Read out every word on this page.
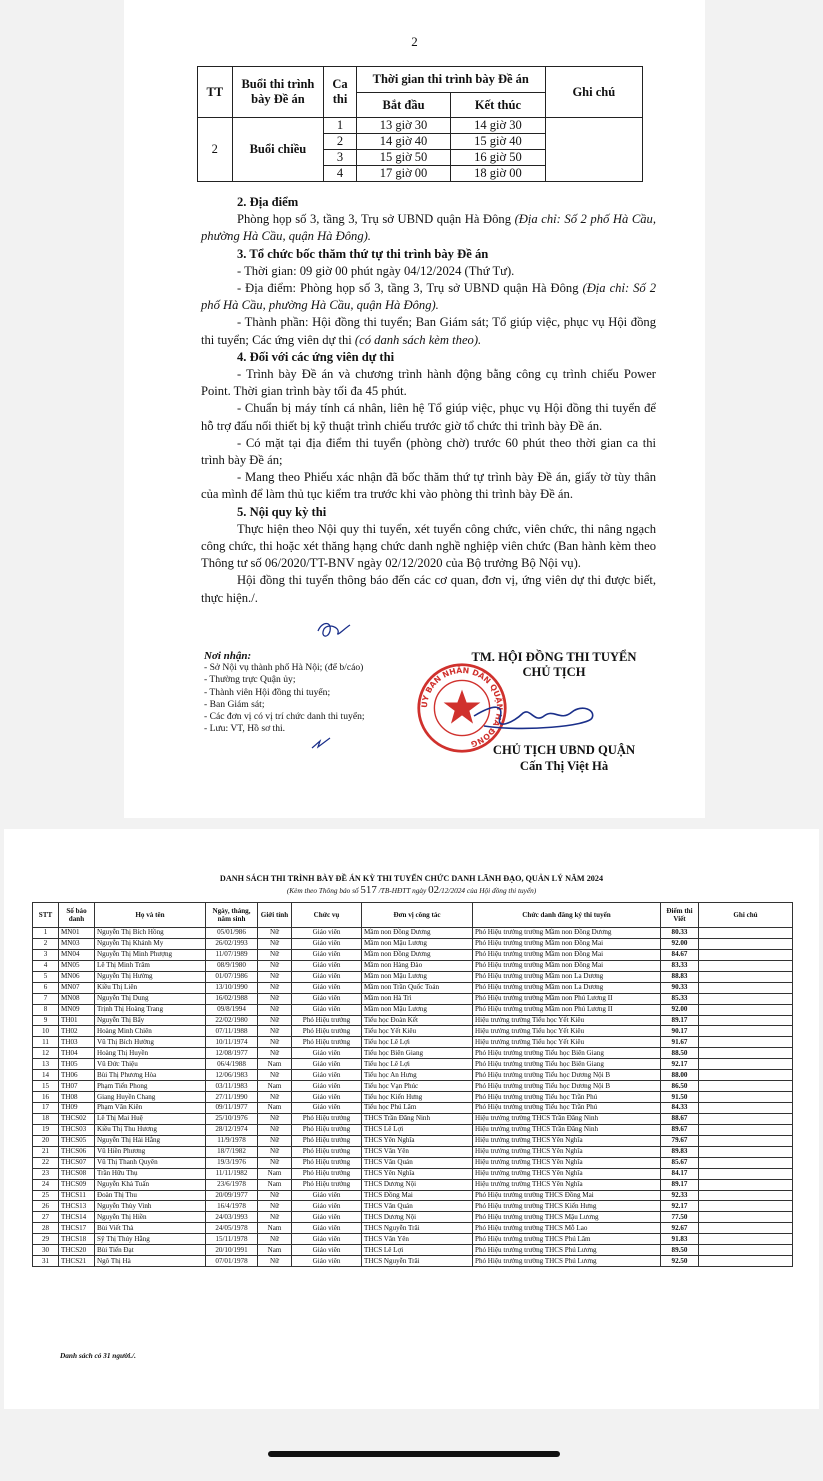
2
TT	Buổi thi trình bày Đề án	Ca thi	Thời gian thi trình bày Đề án		Ghi chú
			Bắt đầu	Kết thúc	
2	Buổi chiều	1	13 giờ 30	14 giờ 30	
		2	14 giờ 40	15 giờ 40	
		3	15 giờ 50	16 giờ 50	
		4	17 giờ 00	18 giờ 00	

2. Địa điểm

Phòng họp số 3, tầng 3, Trụ sở UBND quận Hà Đông (Địa chỉ: Số 2 phố Hà Cầu, phường Hà Cầu, quận Hà Đông).

3. Tổ chức bốc thăm thứ tự thi trình bày Đề án

- Thời gian: 09 giờ 00 phút ngày 04/12/2024 (Thứ Tư).

- Địa điểm: Phòng họp số 3, tầng 3, Trụ sở UBND quận Hà Đông (Địa chỉ: Số 2 phố Hà Cầu, phường Hà Cầu, quận Hà Đông).

- Thành phần: Hội đồng thi tuyển; Ban Giám sát; Tổ giúp việc, phục vụ Hội đồng thi tuyển; Các ứng viên dự thi (có danh sách kèm theo).

4. Đối với các ứng viên dự thi

- Trình bày Đề án và chương trình hành động bằng công cụ trình chiếu Power Point. Thời gian trình bày tối đa 45 phút.

- Chuẩn bị máy tính cá nhân, liên hệ Tổ giúp việc, phục vụ Hội đồng thi tuyển để hỗ trợ đấu nối thiết bị kỹ thuật trình chiếu trước giờ tổ chức thi trình bày Đề án.

- Có mặt tại địa điểm thi tuyển (phòng chờ) trước 60 phút theo thời gian ca thi trình bày Đề án;

- Mang theo Phiếu xác nhận đã bốc thăm thứ tự trình bày Đề án, giấy tờ tùy thân của mình để làm thủ tục kiểm tra trước khi vào phòng thi trình bày Đề án.

5. Nội quy kỳ thi

Thực hiện theo Nội quy thi tuyển, xét tuyển công chức, viên chức, thi nâng ngạch công chức, thi hoặc xét thăng hạng chức danh nghề nghiệp viên chức (Ban hành kèm theo Thông tư số 06/2020/TT-BNV ngày 02/12/2020 của Bộ trưởng Bộ Nội vụ).

Hội đồng thi tuyển thông báo đến các cơ quan, đơn vị, ứng viên dự thi được biết, thực hiện./.

Nơi nhận:
- Sở Nội vụ thành phố Hà Nội; (để b/cáo)
- Thường trực Quận ủy;
- Thành viên Hội đồng thi tuyển;
- Ban Giám sát;
- Các đơn vị có vị trí chức danh thi tuyển;
- Lưu: VT, Hồ sơ thi.
TM. HỘI ĐỒNG THI TUYỂN
CHỦ TỊCH
ỦY BAN NHÂN DÂN QUẬN HÀ ĐÔNG	CHỦ TỊCH UBND QUẬN
Cấn Thị Việt Hà
DANH SÁCH THI TRÌNH BÀY ĐỀ ÁN KỲ THI TUYỂN CHỨC DANH LÃNH ĐẠO, QUẢN LÝ NĂM 2024
(Kèm theo Thông báo số 517 /TB-HĐTT ngày 02/12/2024 của Hội đồng thi tuyển)
STT	Số báo danh	Họ và tên	Ngày, tháng, năm sinh	Giới tính	Chức vụ	Đơn vị công tác	Chức danh đăng ký thi tuyển	Điểm thi Viết	Ghi chú
1	MN01	Nguyễn Thị Bích Hồng	05/01/986	Nữ	Giáo viên	Mầm non Đồng Dương	Phó Hiệu trưởng trường Mầm non Đồng Dương	80.33	
2	MN03	Nguyễn Thị Khánh My	26/02/1993	Nữ	Giáo viên	Mầm non Mậu Lương	Phó Hiệu trưởng trường Mầm non Đồng Mai	92.00	
3	MN04	Nguyễn Thị Minh Phượng	11/07/1989	Nữ	Giáo viên	Mầm non Đồng Dương	Phó Hiệu trưởng trường Mầm non Đồng Mai	84.67	
4	MN05	Lê Thị Minh Trâm	08/9/1980	Nữ	Giáo viên	Mầm non Hàng Đào	Phó Hiệu trưởng trường Mầm non Đồng Mai	83.33	
5	MN06	Nguyễn Thị Hường	01/07/1986	Nữ	Giáo viên	Mầm non Mậu Lương	Phó Hiệu trưởng trường Mầm non La Dương	88.83	
6	MN07	Kiều Thị Liên	13/10/1990	Nữ	Giáo viên	Mầm non Trần Quốc Toản	Phó Hiệu trưởng trường Mầm non La Dương	90.33	
7	MN08	Nguyễn Thị Dung	16/02/1988	Nữ	Giáo viên	Mầm non Hà Trì	Phó Hiệu trưởng trường Mầm non Phú Lương II	85.33	
8	MN09	Trịnh Thị Hoàng Trang	09/8/1994	Nữ	Giáo viên	Mầm non Mậu Lương	Phó Hiệu trưởng trường Mầm non Phú Lương II	92.00	
9	TH01	Nguyễn Thị Bẩy	22/02/1980	Nữ	Phó Hiệu trưởng	Tiểu học Đoàn Kết	Hiệu trưởng trường Tiểu học Yết Kiêu	89.17	
10	TH02	Hoàng Minh Chiên	07/11/1988	Nữ	Phó Hiệu trưởng	Tiểu học Yết Kiêu	Hiệu trưởng trường Tiểu học Yết Kiêu	90.17	
11	TH03	Vũ Thị Bích Hường	10/11/1974	Nữ	Phó Hiệu trưởng	Tiểu học Lê Lợi	Hiệu trưởng trường Tiểu học Yết Kiêu	91.67	
12	TH04	Hoàng Thị Huyền	12/08/1977	Nữ	Giáo viên	Tiểu học Biên Giang	Phó Hiệu trưởng trường Tiểu học Biên Giang	88.50	
13	TH05	Vũ Đức Thiệu	06/4/1988	Nam	Giáo viên	Tiểu học Lê Lợi	Phó Hiệu trưởng trường Tiểu học Biên Giang	92.17	
14	TH06	Bùi Thị Phương Hòa	12/06/1983	Nữ	Giáo viên	Tiểu học An Hưng	Phó Hiệu trưởng trường Tiểu học Dương Nội B	88.00	
15	TH07	Phạm Tiến Phong	03/11/1983	Nam	Giáo viên	Tiểu học Vạn Phúc	Phó Hiệu trưởng trường Tiểu học Dương Nội B	86.50	
16	TH08	Giang Huyền Chang	27/11/1990	Nữ	Giáo viên	Tiểu học Kiến Hưng	Phó Hiệu trưởng trường Tiểu học Trần Phú	91.50	
17	TH09	Phạm Văn Kiên	09/11/1977	Nam	Giáo viên	Tiểu học Phú Lãm	Phó Hiệu trưởng trường Tiểu học Trần Phú	84.33	
18	THCS02	Lê Thị Mai Huệ	25/10/1976	Nữ	Phó Hiệu trưởng	THCS Trần Đăng Ninh	Hiệu trưởng trường THCS Trần Đăng Ninh	88.67	
19	THCS03	Kiều Thị Thu Hương	28/12/1974	Nữ	Phó Hiệu trưởng	THCS Lê Lợi	Hiệu trưởng trường THCS Trần Đăng Ninh	89.67	
20	THCS05	Nguyễn Thị Hải Hằng	11/9/1978	Nữ	Phó Hiệu trưởng	THCS Yên Nghĩa	Hiệu trưởng trường THCS Yên Nghĩa	79.67	
21	THCS06	Vũ Hiền Phương	18/7/1982	Nữ	Phó Hiệu trưởng	THCS Văn Yên	Hiệu trưởng trường THCS Yên Nghĩa	89.83	
22	THCS07	Vũ Thị Thanh Quyên	19/3/1976	Nữ	Phó Hiệu trưởng	THCS Văn Quán	Hiệu trưởng trường THCS Yên Nghĩa	85.67	
23	THCS08	Trần Hữu Thụ	11/11/1982	Nam	Phó Hiệu trưởng	THCS Yên Nghĩa	Hiệu trưởng trường THCS Yên Nghĩa	84.17	
24	THCS09	Nguyễn Khả Tuấn	23/6/1978	Nam	Phó Hiệu trưởng	THCS Dương Nội	Hiệu trưởng trường THCS Yên Nghĩa	89.17	
25	THCS11	Đoàn Thị Thu	20/09/1977	Nữ	Giáo viên	THCS Đồng Mai	Phó Hiệu trưởng trường THCS Đồng Mai	92.33	
26	THCS13	Nguyễn Thùy Vinh	16/4/1978	Nữ	Giáo viên	THCS Văn Quán	Phó Hiệu trưởng trường THCS Kiến Hưng	92.17	
27	THCS14	Nguyễn Thị Hiền	24/03/1993	Nữ	Giáo viên	THCS Dương Nội	Phó Hiệu trưởng trường THCS Mậu Lương	77.50	
28	THCS17	Bùi Viết Thà	24/05/1978	Nam	Giáo viên	THCS Nguyễn Trãi	Phó Hiệu trưởng trường THCS Mỗ Lao	92.67	
29	THCS18	Sỹ Thị Thúy Hằng	15/11/1978	Nữ	Giáo viên	THCS Văn Yên	Phó Hiệu trưởng trường THCS Phú Lãm	91.83	
30	THCS20	Bùi Tiến Đạt	20/10/1991	Nam	Giáo viên	THCS Lê Lợi	Phó Hiệu trưởng trường THCS Phú Lương	89.50	
31	THCS21	Ngô Thị Hà	07/01/1978	Nữ	Giáo viên	THCS Nguyễn Trãi	Phó Hiệu trưởng trường THCS Phú Lương	92.50	
Danh sách có 31 người./.
